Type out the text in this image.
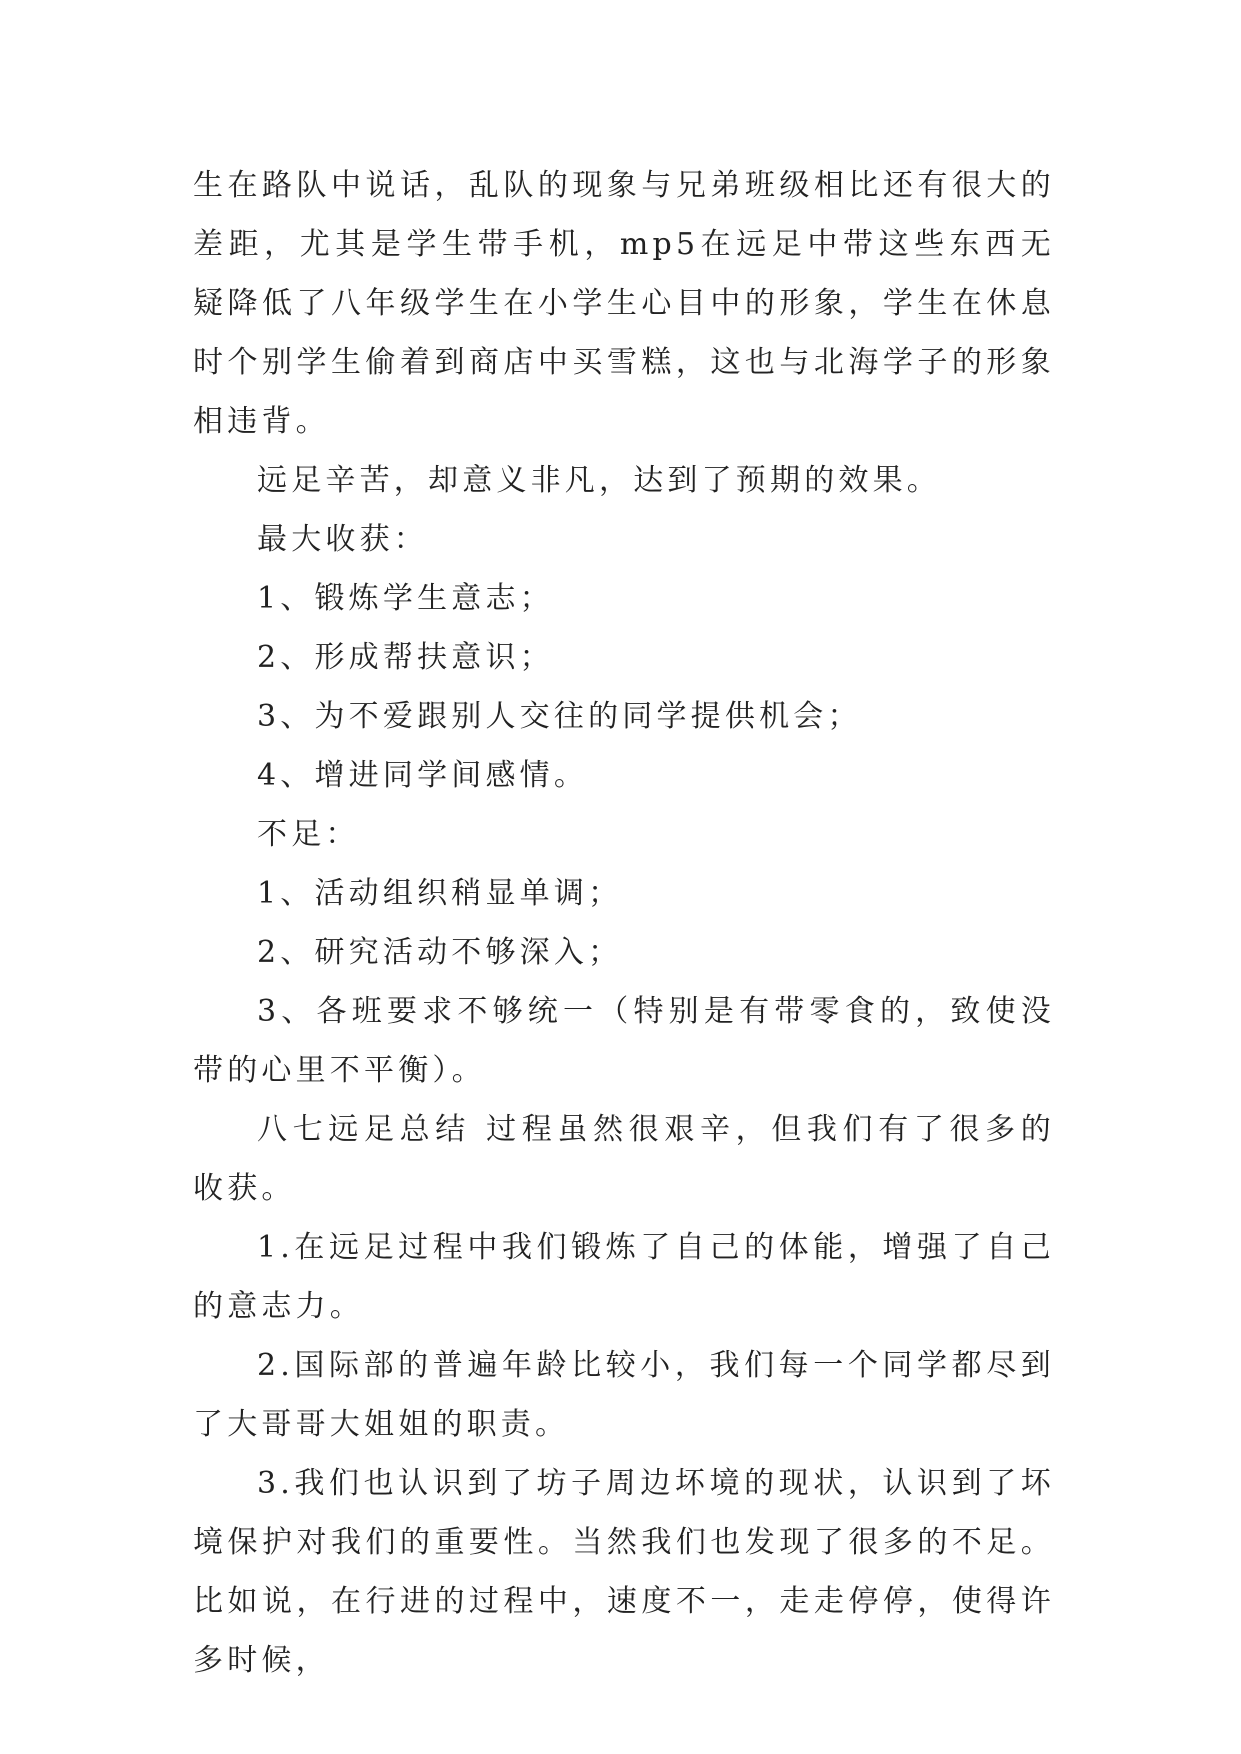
生在路队中说话，乱队的现象与兄弟班级相比还有很大的差距，尤其是学生带手机，mp5在远足中带这些东西无疑降低了八年级学生在小学生心目中的形象，学生在休息时个别学生偷着到商店中买雪糕，这也与北海学子的形象相违背。

远足辛苦，却意义非凡，达到了预期的效果。

最大收获：

1、锻炼学生意志；

2、形成帮扶意识；

3、为不爱跟别人交往的同学提供机会；

4、增进同学间感情。

不足：

1、活动组织稍显单调；

2、研究活动不够深入；

3、各班要求不够统一（特别是有带零食的，致使没带的心里不平衡）。

八七远足总结 过程虽然很艰辛，但我们有了很多的收获。

1.在远足过程中我们锻炼了自己的体能，增强了自己的意志力。

2.国际部的普遍年龄比较小，我们每一个同学都尽到了大哥哥大姐姐的职责。

3.我们也认识到了坊子周边坏境的现状，认识到了坏境保护对我们的重要性。当然我们也发现了很多的不足。比如说，在行进的过程中，速度不一，走走停停，使得许多时候，
